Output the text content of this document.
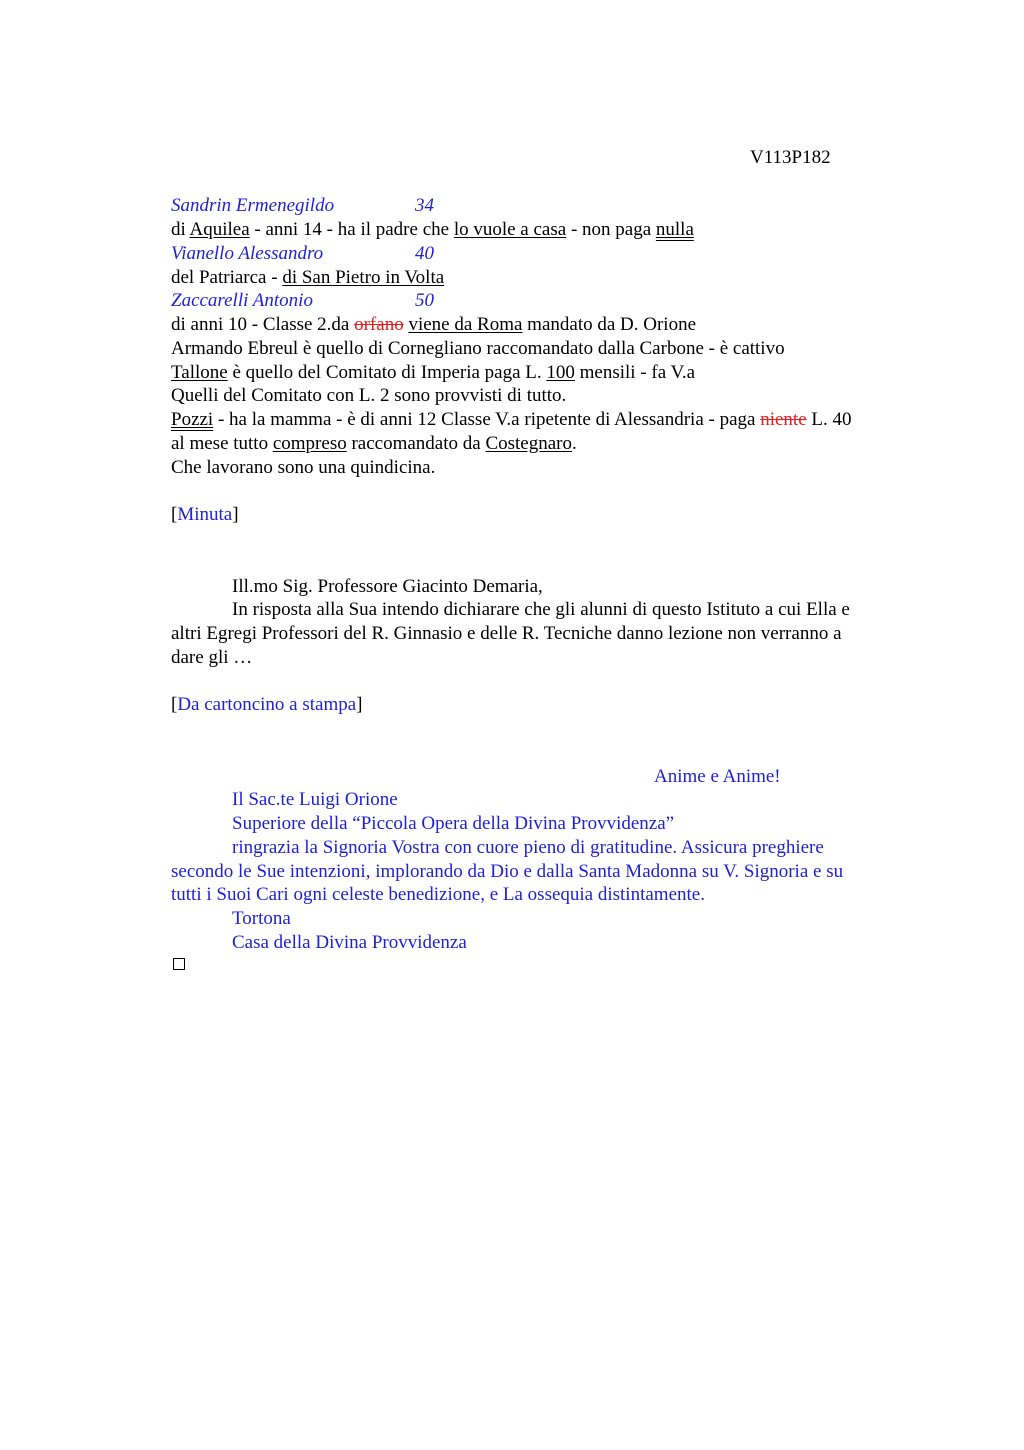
V113P182
Sandrin Ermenegildo	34
di Aquilea - anni 14 - ha il padre che lo vuole a casa - non paga nulla
Vianello Alessandro	40
del Patriarca - di San Pietro in Volta
Zaccarelli Antonio	50
di anni 10 - Classe 2.da orfano viene da Roma mandato da D. Orione
Armando Ebreul è quello di Cornegliano raccomandato dalla Carbone - è cattivo
Tallone è quello del Comitato di Imperia paga L. 100 mensili - fa V.a
Quelli del Comitato con L. 2 sono provvisti di tutto.
Pozzi - ha la mamma - è di anni 12 Classe V.a ripetente di Alessandria - paga niente L. 40
al mese tutto compreso raccomandato da Costegnaro.
Che lavorano sono una quindicina.
[Minuta]
Ill.mo Sig. Professore Giacinto Demaria,
In risposta alla Sua intendo dichiarare che gli alunni di questo Istituto a cui Ella e
altri Egregi Professori del R. Ginnasio e delle R. Tecniche danno lezione non verranno a
dare gli …
[Da cartoncino a stampa]
Anime e Anime!
Il Sac.te Luigi Orione
Superiore della “Piccola Opera della Divina Provvidenza”
ringrazia la Signoria Vostra con cuore pieno di gratitudine. Assicura preghiere
secondo le Sue intenzioni, implorando da Dio e dalla Santa Madonna su V. Signoria e su
tutti i Suoi Cari ogni celeste benedizione, e La ossequia distintamente.
Tortona
Casa della Divina Provvidenza
